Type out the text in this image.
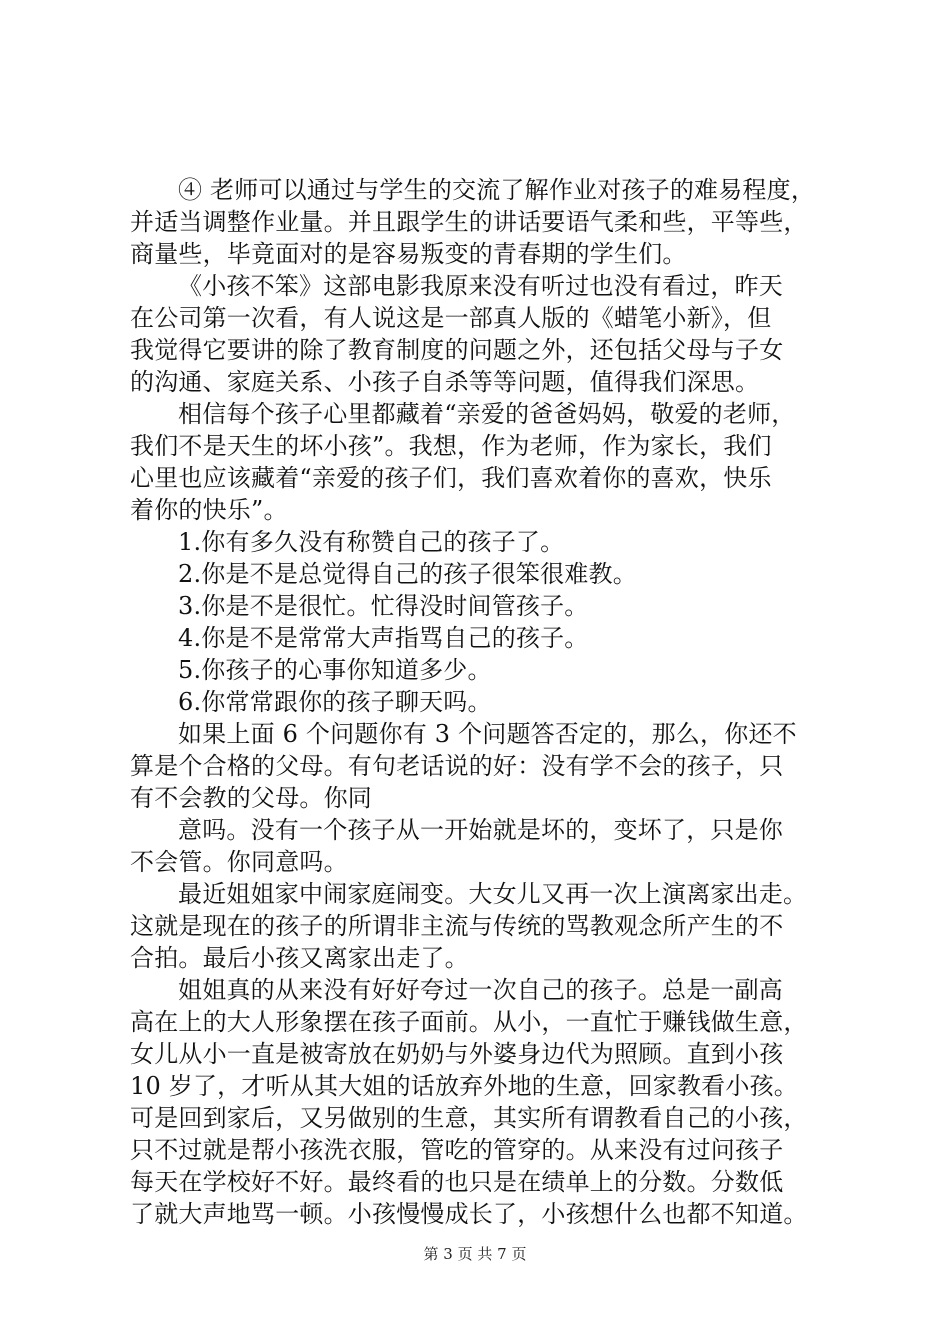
④ 老师可以通过与学生的交流了解作业对孩子的难易程度，
并适当调整作业量。并且跟学生的讲话要语气柔和些，平等些，
商量些，毕竟面对的是容易叛变的青春期的学生们。
《小孩不笨》这部电影我原来没有听过也没有看过，昨天
在公司第一次看，有人说这是一部真人版的《蜡笔小新》，但
我觉得它要讲的除了教育制度的问题之外，还包括父母与子女
的沟通、家庭关系、小孩子自杀等等问题，值得我们深思。
相信每个孩子心里都藏着“亲爱的爸爸妈妈，敬爱的老师，
我们不是天生的坏小孩”。我想，作为老师，作为家长，我们
心里也应该藏着“亲爱的孩子们，我们喜欢着你的喜欢，快乐
着你的快乐”。
1.你有多久没有称赞自己的孩子了。
2.你是不是总觉得自己的孩子很笨很难教。
3.你是不是很忙。忙得没时间管孩子。
4.你是不是常常大声指骂自己的孩子。
5.你孩子的心事你知道多少。
6.你常常跟你的孩子聊天吗。
如果上面 6 个问题你有 3 个问题答否定的，那么，你还不
算是个合格的父母。有句老话说的好：没有学不会的孩子，只
有不会教的父母。你同
意吗。没有一个孩子从一开始就是坏的，变坏了，只是你
不会管。你同意吗。
最近姐姐家中闹家庭闹变。大女儿又再一次上演离家出走。
这就是现在的孩子的所谓非主流与传统的骂教观念所产生的不
合拍。最后小孩又离家出走了。
姐姐真的从来没有好好夸过一次自己的孩子。总是一副高
高在上的大人形象摆在孩子面前。从小，一直忙于赚钱做生意，
女儿从小一直是被寄放在奶奶与外婆身边代为照顾。直到小孩
10 岁了，才听从其大姐的话放弃外地的生意，回家教看小孩。
可是回到家后，又另做别的生意，其实所有谓教看自己的小孩，
只不过就是帮小孩洗衣服，管吃的管穿的。从来没有过问孩子
每天在学校好不好。最终看的也只是在绩单上的分数。分数低
了就大声地骂一顿。小孩慢慢成长了，小孩想什么也都不知道。
第 3 页 共 7 页
